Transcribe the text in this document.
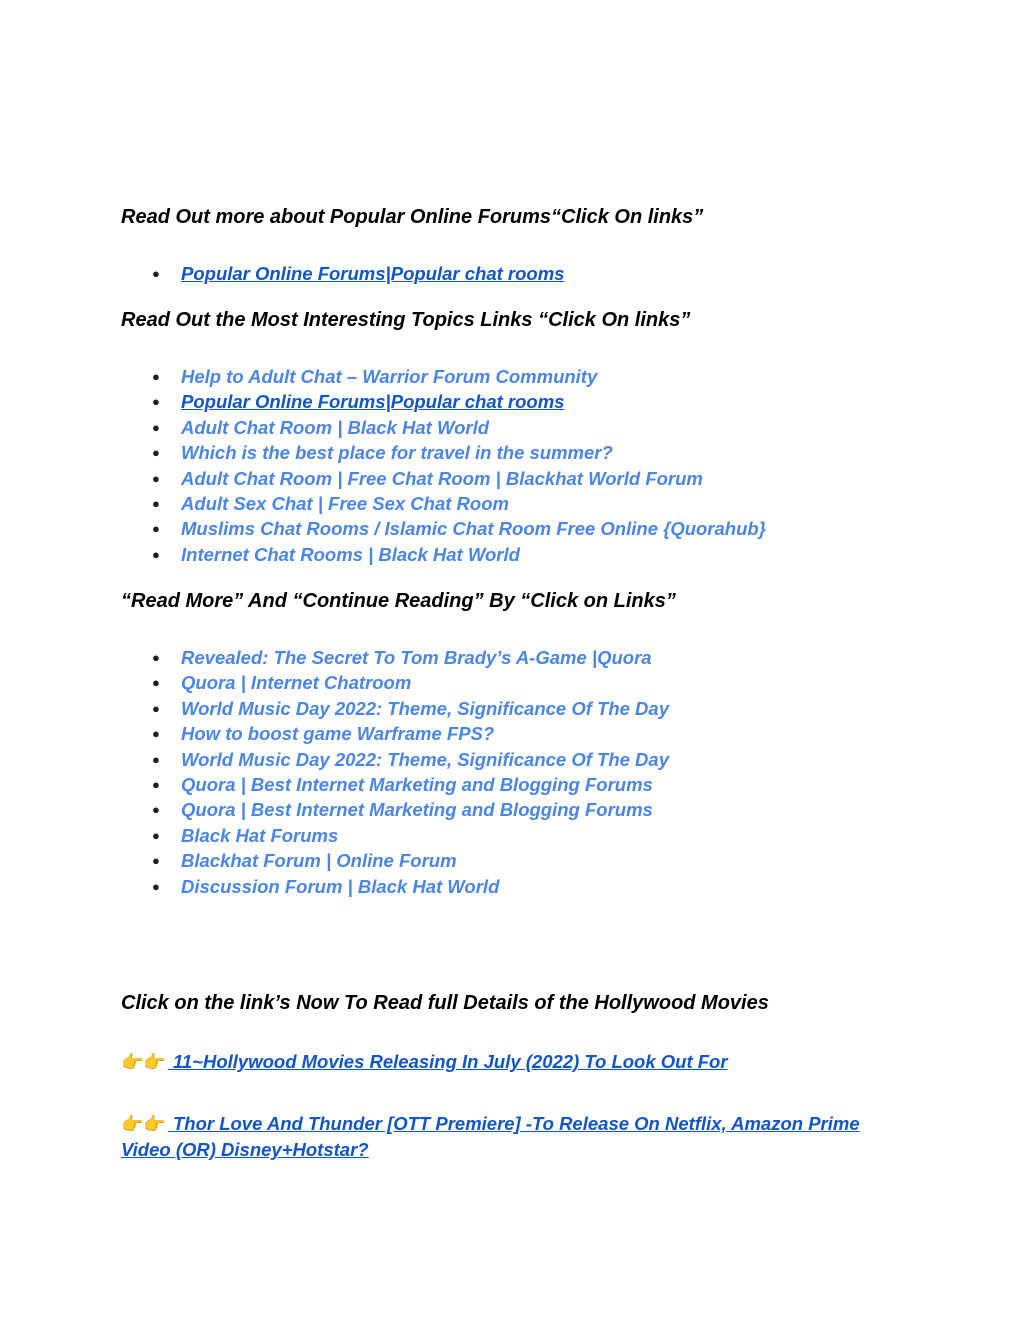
Read Out more about Popular Online Forums“Click On links”
● Popular Online Forums|Popular chat rooms
Read Out the Most Interesting Topics Links “Click On links”
● Help to Adult Chat – Warrior Forum Community
● Popular Online Forums|Popular chat rooms
● Adult Chat Room | Black Hat World
● Which is the best place for travel in the summer?
● Adult Chat Room | Free Chat Room | Blackhat World Forum
● Adult Sex Chat | Free Sex Chat Room
● Muslims Chat Rooms / Islamic Chat Room Free Online {Quorahub}
● Internet Chat Rooms | Black Hat World
“Read More” And “Continue Reading” By “Click on Links”
● Revealed: The Secret To Tom Brady’s A-Game |Quora
● Quora | Internet Chatroom
● World Music Day 2022: Theme, Significance Of The Day
● How to boost game Warframe FPS?
● World Music Day 2022: Theme, Significance Of The Day
● Quora | Best Internet Marketing and Blogging Forums
● Quora | Best Internet Marketing and Blogging Forums
● Black Hat Forums
● Blackhat Forum | Online Forum
● Discussion Forum | Black Hat World
Click on the link’s Now To Read full Details of the Hollywood Movies
👉👉 11~Hollywood Movies Releasing In July (2022) To Look Out For
👉👉 Thor Love And Thunder [OTT Premiere] -To Release On Netflix, Amazon Prime Video (OR) Disney+Hotstar?
